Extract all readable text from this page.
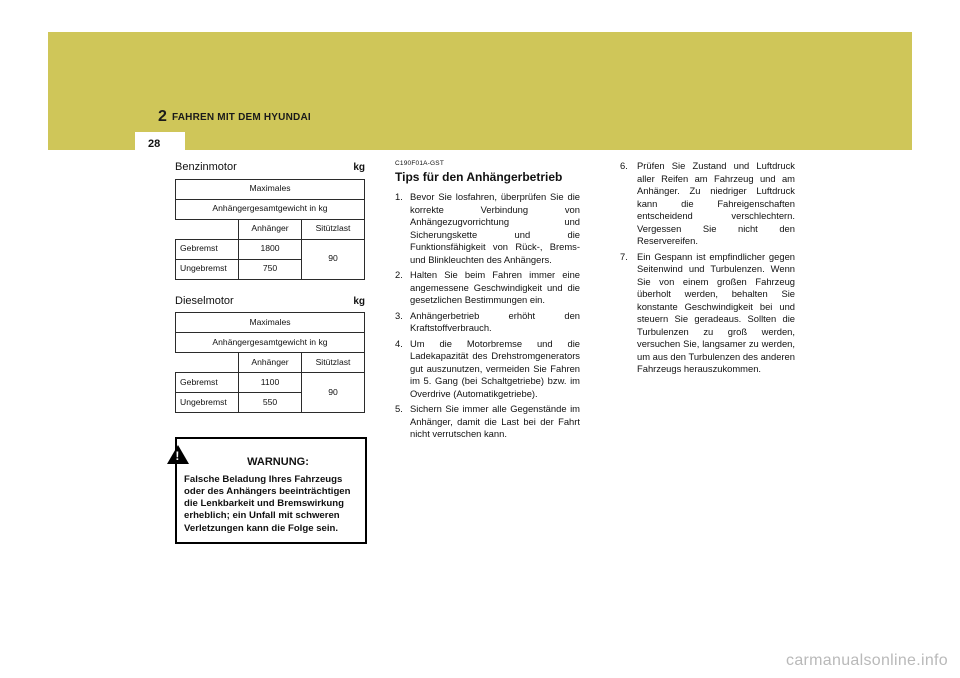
2 FAHREN MIT DEM HYUNDAI
28
Benzinmotor	kg
Maximales		
Anhängergesamtgewicht in kg		
	Anhänger	Sitützlast
Gebremst	1800	90
Ungebremst	750	
Dieselmotor	kg
Maximales		
Anhängergesamtgewicht in kg		
	Anhänger	Sitützlast
Gebremst	1100	90
Ungebremst	550	
!	WARNUNG:
Falsche Beladung Ihres Fahrzeugs oder des Anhängers beeinträchtigen die Lenkbarkeit und Bremswirkung erheblich; ein Unfall mit schweren Verletzungen kann die Folge sein.
C190F01A-GST
Tips für den Anhängerbetrieb
1. Bevor Sie losfahren, überprüfen Sie die korrekte Verbindung von Anhängezugvorrichtung und Sicherungskette und die Funktionsfähigkeit von Rück-, Brems- und Blinkleuchten des Anhängers.
2. Halten Sie beim Fahren immer eine angemessene Geschwindigkeit und die gesetzlichen Bestimmungen ein.
3. Anhängerbetrieb erhöht den Kraftstoffverbrauch.
4. Um die Motorbremse und die Ladekapazität des Drehstromgenerators gut auszunutzen, vermeiden Sie Fahren im 5. Gang (bei Schaltgetriebe) bzw. im Overdrive (Automatikgetriebe).
5. Sichern Sie immer alle Gegenstände im Anhänger, damit die Last bei der Fahrt nicht verrutschen kann.
6. Prüfen Sie Zustand und Luftdruck aller Reifen am Fahrzeug und am Anhänger. Zu niedriger Luftdruck kann die Fahreigenschaften entscheidend verschlechtern. Vergessen Sie nicht den Reservereifen.
7. Ein Gespann ist empfindlicher gegen Seitenwind und Turbulenzen. Wenn Sie von einem großen Fahrzeug überholt werden, behalten Sie konstante Geschwindigkeit bei und steuern Sie geradeaus. Sollten die Turbulenzen zu groß werden, versuchen Sie, langsamer zu werden, um aus den Turbulenzen des anderen Fahrzeugs herauszukommen.
carmanualsonline.info
